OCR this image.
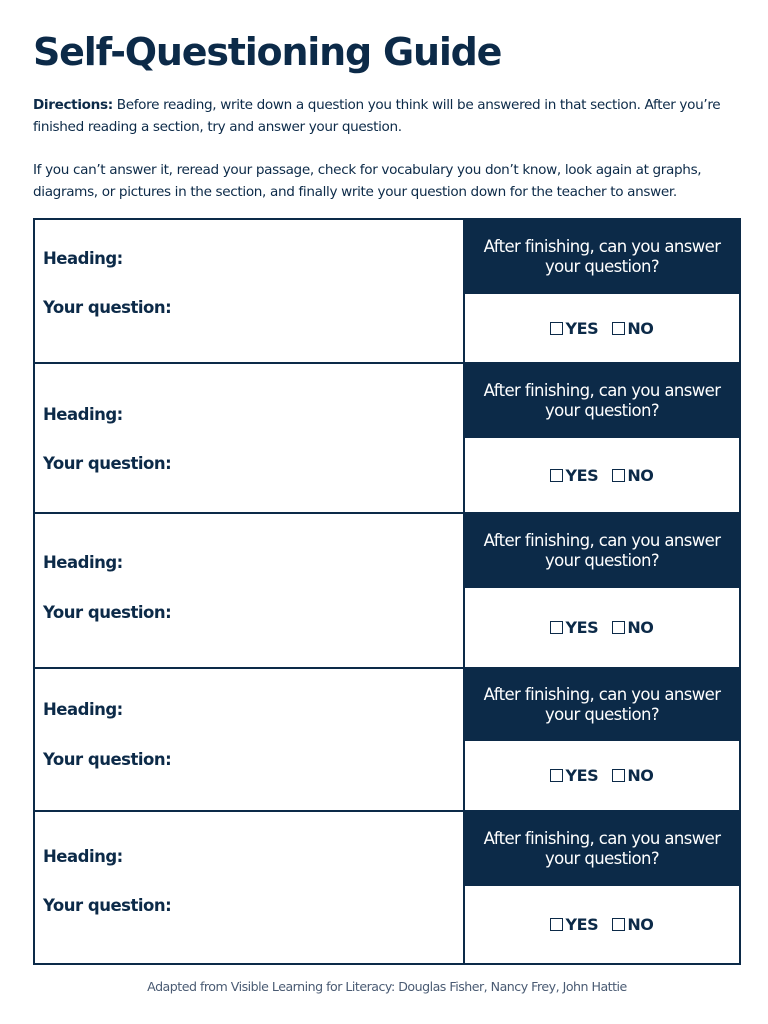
Self-Questioning Guide

Directions: Before reading, write down a question you think will be answered in that section. After you’re finished reading a section, try and answer your question.

If you can’t answer it, reread your passage, check for vocabulary you don’t know, look again at graphs, diagrams, or pictures in the section, and finally write your question down for the teacher to answer.

Heading:
Your question:
After finishing, can you answer your question?
YES NO
Heading:
Your question:
After finishing, can you answer your question?
YES NO
Heading:
Your question:
After finishing, can you answer your question?
YES NO
Heading:
Your question:
After finishing, can you answer your question?
YES NO
Heading:
Your question:
After finishing, can you answer your question?
YES NO

Adapted from Visible Learning for Literacy: Douglas Fisher, Nancy Frey, John Hattie
